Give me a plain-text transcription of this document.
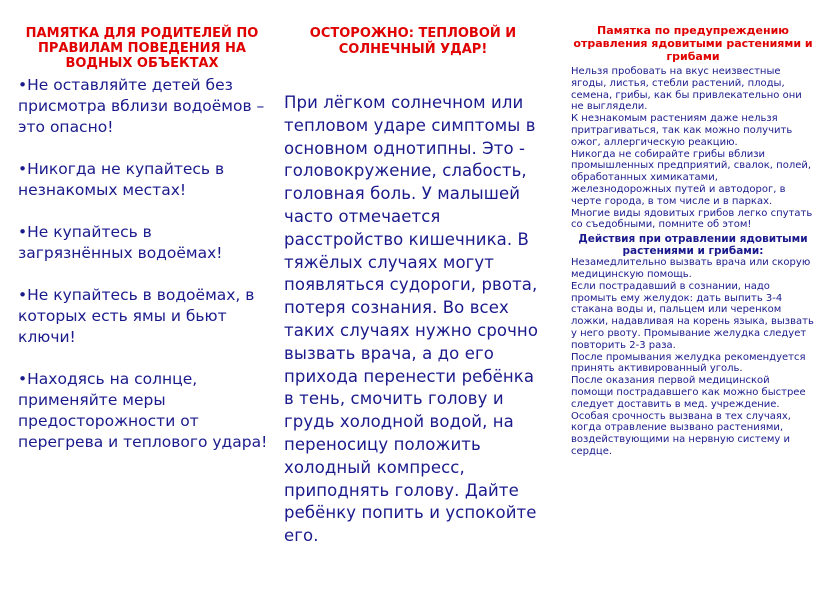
ПАМЯТКА ДЛЯ РОДИТЕЛЕЙ ПО ПРАВИЛАМ ПОВЕДЕНИЯ НА ВОДНЫХ ОБЪЕКТАХ
•Не оставляйте детей без присмотра вблизи водоёмов – это опасно!
•Никогда не купайтесь в незнакомых местах!
•Не купайтесь в загрязнённых водоёмах!
•Не купайтесь в водоёмах, в которых есть ямы и бьют ключи!
•Находясь на солнце, применяйте меры предосторожности от перегрева и теплового удара!
ОСТОРОЖНО: ТЕПЛОВОЙ И СОЛНЕЧНЫЙ УДАР!
При лёгком солнечном или тепловом ударе симптомы в основном однотипны. Это - головокружение, слабость, головная боль. У малышей часто отмечается расстройство кишечника. В тяжёлых случаях могут появляться судороги, рвота, потеря сознания. Во всех таких случаях нужно срочно вызвать врача, а до его прихода перенести ребёнка в тень, смочить голову и грудь холодной водой, на переносицу положить холодный компресс, приподнять голову. Дайте ребёнку попить и успокойте его.
Памятка по предупреждению отравления ядовитыми растениями и грибами

Нельзя пробовать на вкус неизвестные ягоды, листья, стебли растений, плоды, семена, грибы, как бы привлекательно они не выглядели.

К незнакомым растениям даже нельзя притрагиваться, так как можно получить ожог, аллергическую реакцию.

Никогда не собирайте грибы вблизи промышленных предприятий, свалок, полей, обработанных химикатами, железнодорожных путей и автодорог, в черте города, в том числе и в парках.

Многие виды ядовитых грибов легко спутать со съедобными, помните об этом!

Действия при отравлении ядовитыми растениями и грибами:

Незамедлительно вызвать врача или скорую медицинскую помощь.

Если пострадавший в сознании, надо промыть ему желудок: дать выпить 3-4 стакана воды и, пальцем или черенком ложки, надавливая на корень языка, вызвать у него рвоту. Промывание желудка следует повторить 2-3 раза.

После промывания желудка рекомендуется принять активированный уголь.

После оказания первой медицинской помощи пострадавшего как можно быстрее следует доставить в мед. учреждение. Особая срочность вызвана в тех случаях, когда отравление вызвано растениями, воздействующими на нервную систему и сердце.
